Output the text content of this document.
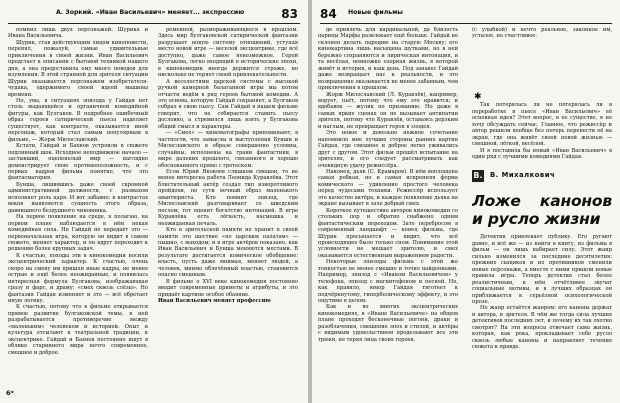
А. Зоркий. «Иван Васильевич» меняет... экспрессию	83

помнил лишь двух персонажей: Шурика и Ивана Васильевича.

Шурик, став действующим лицом киноповести, перенял, пожалуй, самые удивительные приключения в своей жизни. Иван Васильевич предстает в описании с бытовой техникой нашего дня, а она предоставила ему много поводов для изумления. В этой странной для зрителя ситуации Шурик оказывается персонажем изобретателя-чудака, одержимого своей идеей машины времени.

Но, увы, в ситуациях эпизода у Гайдая нет столь выдающейся и органичной комедийной фигуры, как Булгаков. В подробнее ошибочный образ героев сатирической пьесы наделяет существует, как контрасте, оказывается иной персонаж, который стал самым популярным в фильме, — Жорж Милославский.

Кстати, Гайдай и Бахнов устроили в сюжете подлинный шок. Исходное неподвижное начало — застывший, оцепенелый мир — наглядно демонстрирует свою противоположность, и с первых кадров фильма понятно, что это фантасмагория.

Бунша, лишившись даже своей скромной административной должности, с размахом исполняет роль царя. И вот забавно: в контрастах веков выявляется сущность этого образа, давнишнего бездушного чиновника.

На первое появление на среде, я полагаю, на первом плане наблюдается в нём некая комедийная сила. Но Гайдай не передаёт это — первоначальная игра, которую он видит в самом сюжете, меняет характер, и он вдруг переходит к решению более крупных задач.

К счастью, походы эти в кинокомедии носили эксцентрический характер. К счастью, очень скоро на смену им пришли иные кадры, не менее острые и ещё более неожиданные, и появилась интересная формула Булгакова, изображающая сразу и фарс, и драму: «смех сквозь слёзы». Но фантазия Гайдая изменяет и это — всё обретает иную логику.

К счастью, потому что в фильме открывается прямое развитие булгаковской темы, в ней разрабатывается противоречие между «маленьким» человеком и историей. Опыт и культура отсылают к театральной традиции, к эксцентрике. Гайдай и Бахнов постоянно ищут в облике старинного мира нечто современное, смешное и доброе.

ременной, размораживающиеся в прошлом. Здесь мир булгаковской сатирической фантазии разрушает новую систему отношений, уступая место новой игре — веселой эксцентрике, где всё доступно, даже самое невозможное. Герой Булгакова, легко входящий в исторические эпохи, в кинокомедии иногда держится строже, но нисколько не теряет своей привлекательности.

А веселостями царской системы с высокой ручкой камерной балаганной игры мы потом отчасти ведём в ряд героев бытовой комедии. А это основа, которую Гайдай сохраняет, а Булгаков собрал в свою пьесу. Сам Гайдай в нашем фильме говорит, что не собирается ставить пьесу дословно, а стремился лишь взять у Булгакова общий смысл и характеры.

— «Смех» — кинематографы припоминают, в частности, что замыслы и выступления Бунши и Милославского в образе совершенно условны, случайны, исполнены на грани фантастики, в мире далеких прошлого, связанного и хорошо обоснованного прямо с гротеском.

Если Юрий Яковлев слишком смешон, то не менее интересна работа Леонида Куравлёва. Этот блистательный актёр создал тип изворотливого пройдохи, по сути вечный образ маленького авантюриста. Кто помнит эпизод, где Милославский разговаривает со шведским послом, тот оценит богатство интонаций. В игре Куравлёва есть лёгкость, насмешка и неожиданная печаль.

Кто в зрительской памяти не хранит в своей памяти это шествие «по царским палатам» — пышно, с выходом; и в игре актёров показано, как Иван Васильевич и Бунша меняются местами. В результате достигается комическое обобщение: власть, пусть даже мнимая, меняет людей, а человек, мнимо облечённый властью, становится опасно смешным.

В фильме о XVI веке кинокомедия постоянно вводит современные приметы и атрибуты, и это придаёт картине особое обаяние.

Иван Васильевич меняет профессию

6*
84 Новые фильмы

де привлечь для кардинальной, да близость царицы Марфы развлекает ещё больше. Гайдай не склонен делать пародию на старую Москву; его кинокартина лишь насыщена шутками, но в ней бережно сохраняются и лирическая интонация, и та весёлая, немножко озорная жизнь, в которой живёт и история, и наш день. Под занавес Гайдай даже возвращает нас к реальности, и это возвращение оказывается не менее забавным, чем приключения в прошлом.

Жорж Милославский (Л. Куравлёв), например, ворует, пьёт, потому что ему это нравится; и вдобавок — жулик по призванию. Но даже в самых ярких сценах он не вызывает антипатии зрителя, потому что Куравлёв, оставаясь дерзким и наглым, не превращает героя в злодея.

Это новое и довольно нежное сочетание напомнило мне лучшие стороны ранних картин Гайдая, где смешное и доброе легко уживались друг с другом. Этот фильм прошёл испытание на зрителях, и его следует рассматривать как очевидную удачу режиссёра.

Наконец, дьяк (С. Крамаров). В нём воплощена самая робкая, но и самая искренняя форма комического — удивление простого человека перед чудесами техники. Режиссёр использует это качество актёра, и каждое появление дьяка на экране вызывает в зале добрый смех.

Короткое путешествие авторов кинокомедии со стольких пор и обратно снабжено одним фантастическим переходом. Зато перебросом в современный ландшафт — конец фильма, где Шурик просыпается и видит, что всё происходящее было только сном. Понимание этой условности не мешает зрителю, и смех оказывается естественным выражением радости.

Некоторые эпизоды фильма с этой же тонкостью не менее смешно и точно найденными. Например, эпизод с «Иваном Васильевичем» у телефона, эпизод с магнитофоном и песней. Но, как правило, юмор Гайдая тяготеет к подчёркнутому, гиперболическому эффекту, и это ощутимо в целом.

Как и во многих эксцентрических кинокомедиях, в «Иване Васильевиче» на общем плане проходят бесконечные погони, драки и разоблачения, смешение эпох и стилей, и актёры с видимым удовольствием проделывают все эти трюки, не теряя лица своих героев.

(с улыбкой) и нечто реальное, законное им, усталое, но счастливое.

✱

Так потерялась ли не потерялась ли в переработке в пьесе «Иван Васильевич» её основная идея? Этот вопрос, в ее существе, я не хочу обсуждать сейчас. Главное, что режиссёр и автор решили вообще без потерь перенести её на экран, где она живёт своей новой жизнью — смешной, лёгкой, весёлой.

И я поставила бы новый «Иван Васильевич» в один ряд с лучшими комедиями Гайдая.

В. В. Михалкович
Ложе канонов и русло жизни

Детектив привлекает публику. Его ругают давно, и всё же — из книги в книгу, из фильма в фильм — он лишь набирает силу. Этот жанр сильно изменился за последние десятилетия: прежних сыщиков и их противников сменили новые персонажи, а вместе с ними пришли новые правила игры. Теперь детектив стал более реалистичным, в нём отчётливее звучат социальные мотивы, и в лучших образцах он приближается к серьёзной психологической прозе.

Но жанр остаётся жанром: его каноны держат и автора, и зрителя. В чём же тогда сила лучших детективов последних лет, и почему их так охотно смотрят? На эти вопросы отвечает сама жизнь, которая, как река, прокладывает себе русло сквозь любые каноны и направляет течение сюжета к правде.
